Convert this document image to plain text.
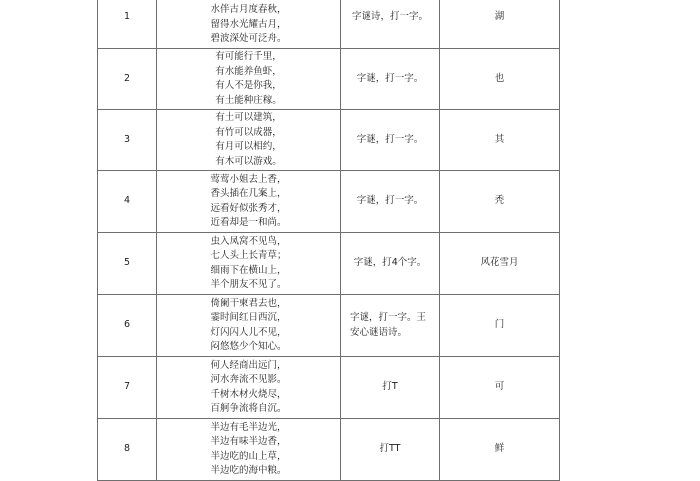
1	水伴古月度春秋，
留得水光耀古月，
碧波深处可泛舟。	字谜诗，打一字。	湖
2	有可能行千里，
有水能养鱼虾，
有人不是你我，
有土能种庄稼。	字谜，打一字。	也
3	有土可以建筑，
有竹可以成器，
有月可以相约，
有木可以游戏。	字谜，打一字。	其
4	莺莺小姐去上香，
香头插在几案上，
远看好似张秀才，
近看却是一和尚。	字谜，打一字。	秃
5	虫入凤窝不见鸟，
七人头上长青草；
细雨下在横山上，
半个朋友不见了。	字谜，打4个字。	风花雪月
6	倚阑干柬君去也，
霎时间红日西沉，
灯闪闪人儿不见，
闷悠悠少个知心。	字谜，打一字。王安心谜语诗。	门
7	何人经商出远门，
河水奔流不见影。
千树木材火烧尽，
百舸争流将自沉。	打T	可
8	半边有毛半边光，
半边有味半边香，
半边吃的山上草，
半边吃的海中粮。	打TT	鲜
